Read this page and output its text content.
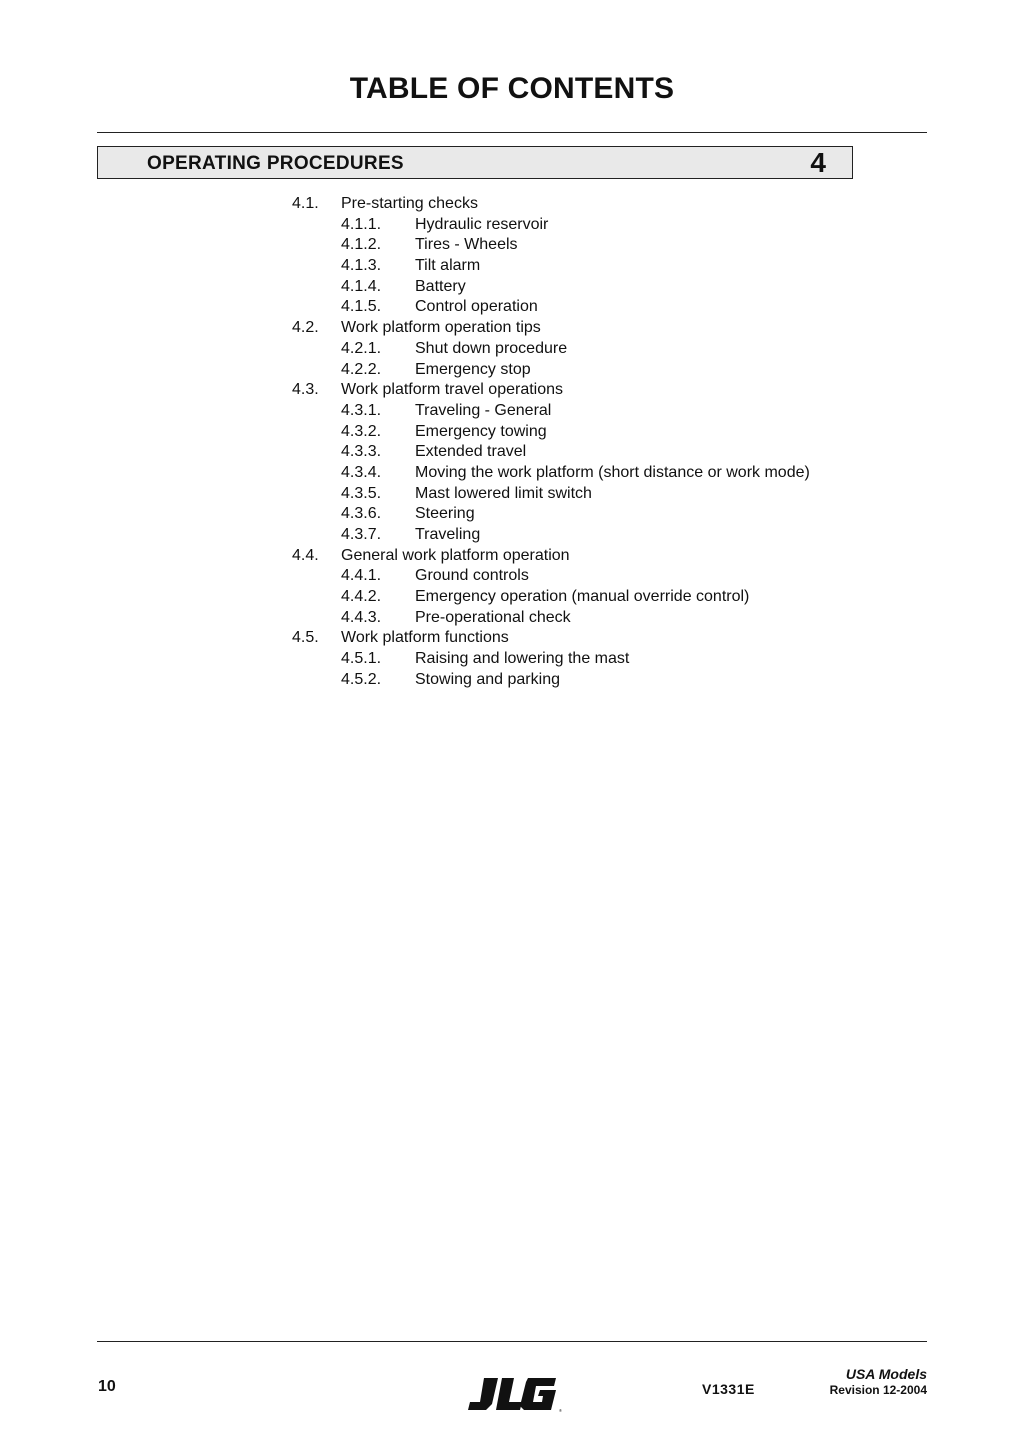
TABLE OF CONTENTS
OPERATING PROCEDURES	4
4.1. Pre-starting checks
4.1.1. Hydraulic reservoir
4.1.2. Tires - Wheels
4.1.3. Tilt alarm
4.1.4. Battery
4.1.5. Control operation
4.2. Work platform operation tips
4.2.1. Shut down procedure
4.2.2. Emergency stop
4.3. Work platform travel operations
4.3.1. Traveling - General
4.3.2. Emergency towing
4.3.3. Extended travel
4.3.4. Moving the work platform (short distance or work mode)
4.3.5. Mast lowered limit switch
4.3.6. Steering
4.3.7. Traveling
4.4. General work platform operation
4.4.1. Ground controls
4.4.2. Emergency operation (manual override control)
4.4.3. Pre-operational check
4.5. Work platform functions
4.5.1. Raising and lowering the mast
4.5.2. Stowing and parking
10
®
V1331E
USA Models
Revision 12-2004
